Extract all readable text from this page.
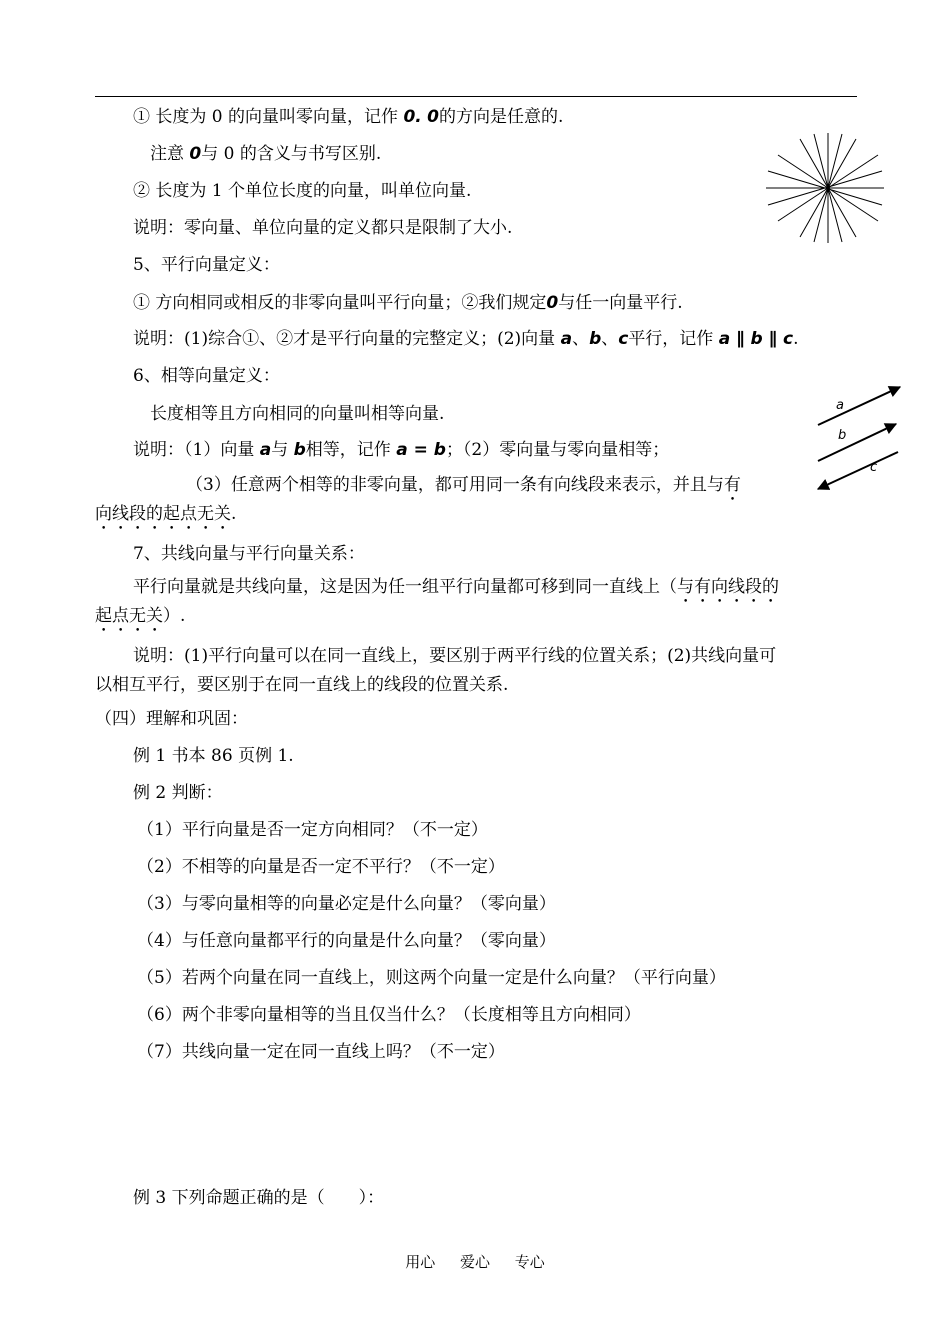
① 长度为 0 的向量叫零向量，记作 0. 0的方向是任意的.
注意 0与 0 的含义与书写区别.
② 长度为 1 个单位长度的向量，叫单位向量.
说明：零向量、单位向量的定义都只是限制了大小.
5、平行向量定义：
① 方向相同或相反的非零向量叫平行向量；②我们规定0与任一向量平行.
说明：(1)综合①、②才是平行向量的完整定义；(2)向量 a、b、c平行，记作 a ∥ b ∥ c.
6、相等向量定义：
长度相等且方向相同的向量叫相等向量.
说明：（1）向量 a与 b相等，记作 a = b；（2）零向量与零向量相等；
（3）任意两个相等的非零向量，都可用同一条有向线段来表示，并且与有
向线段的起点无关.
7、共线向量与平行向量关系：
平行向量就是共线向量，这是因为任一组平行向量都可移到同一直线上（与有向线段的
起点无关）.
说明：(1)平行向量可以在同一直线上，要区别于两平行线的位置关系；(2)共线向量可
以相互平行，要区别于在同一直线上的线段的位置关系.
（四）理解和巩固：
例 1 书本 86 页例 1.
例 2 判断：
（1）平行向量是否一定方向相同？（不一定）
（2）不相等的向量是否一定不平行？（不一定）
（3）与零向量相等的向量必定是什么向量？（零向量）
（4）与任意向量都平行的向量是什么向量？（零向量）
（5）若两个向量在同一直线上，则这两个向量一定是什么向量？（平行向量）
（6）两个非零向量相等的当且仅当什么？（长度相等且方向相同）
（7）共线向量一定在同一直线上吗？（不一定）
例 3 下列命题正确的是（　　）：
用心 爱心 专心
a
b
c
